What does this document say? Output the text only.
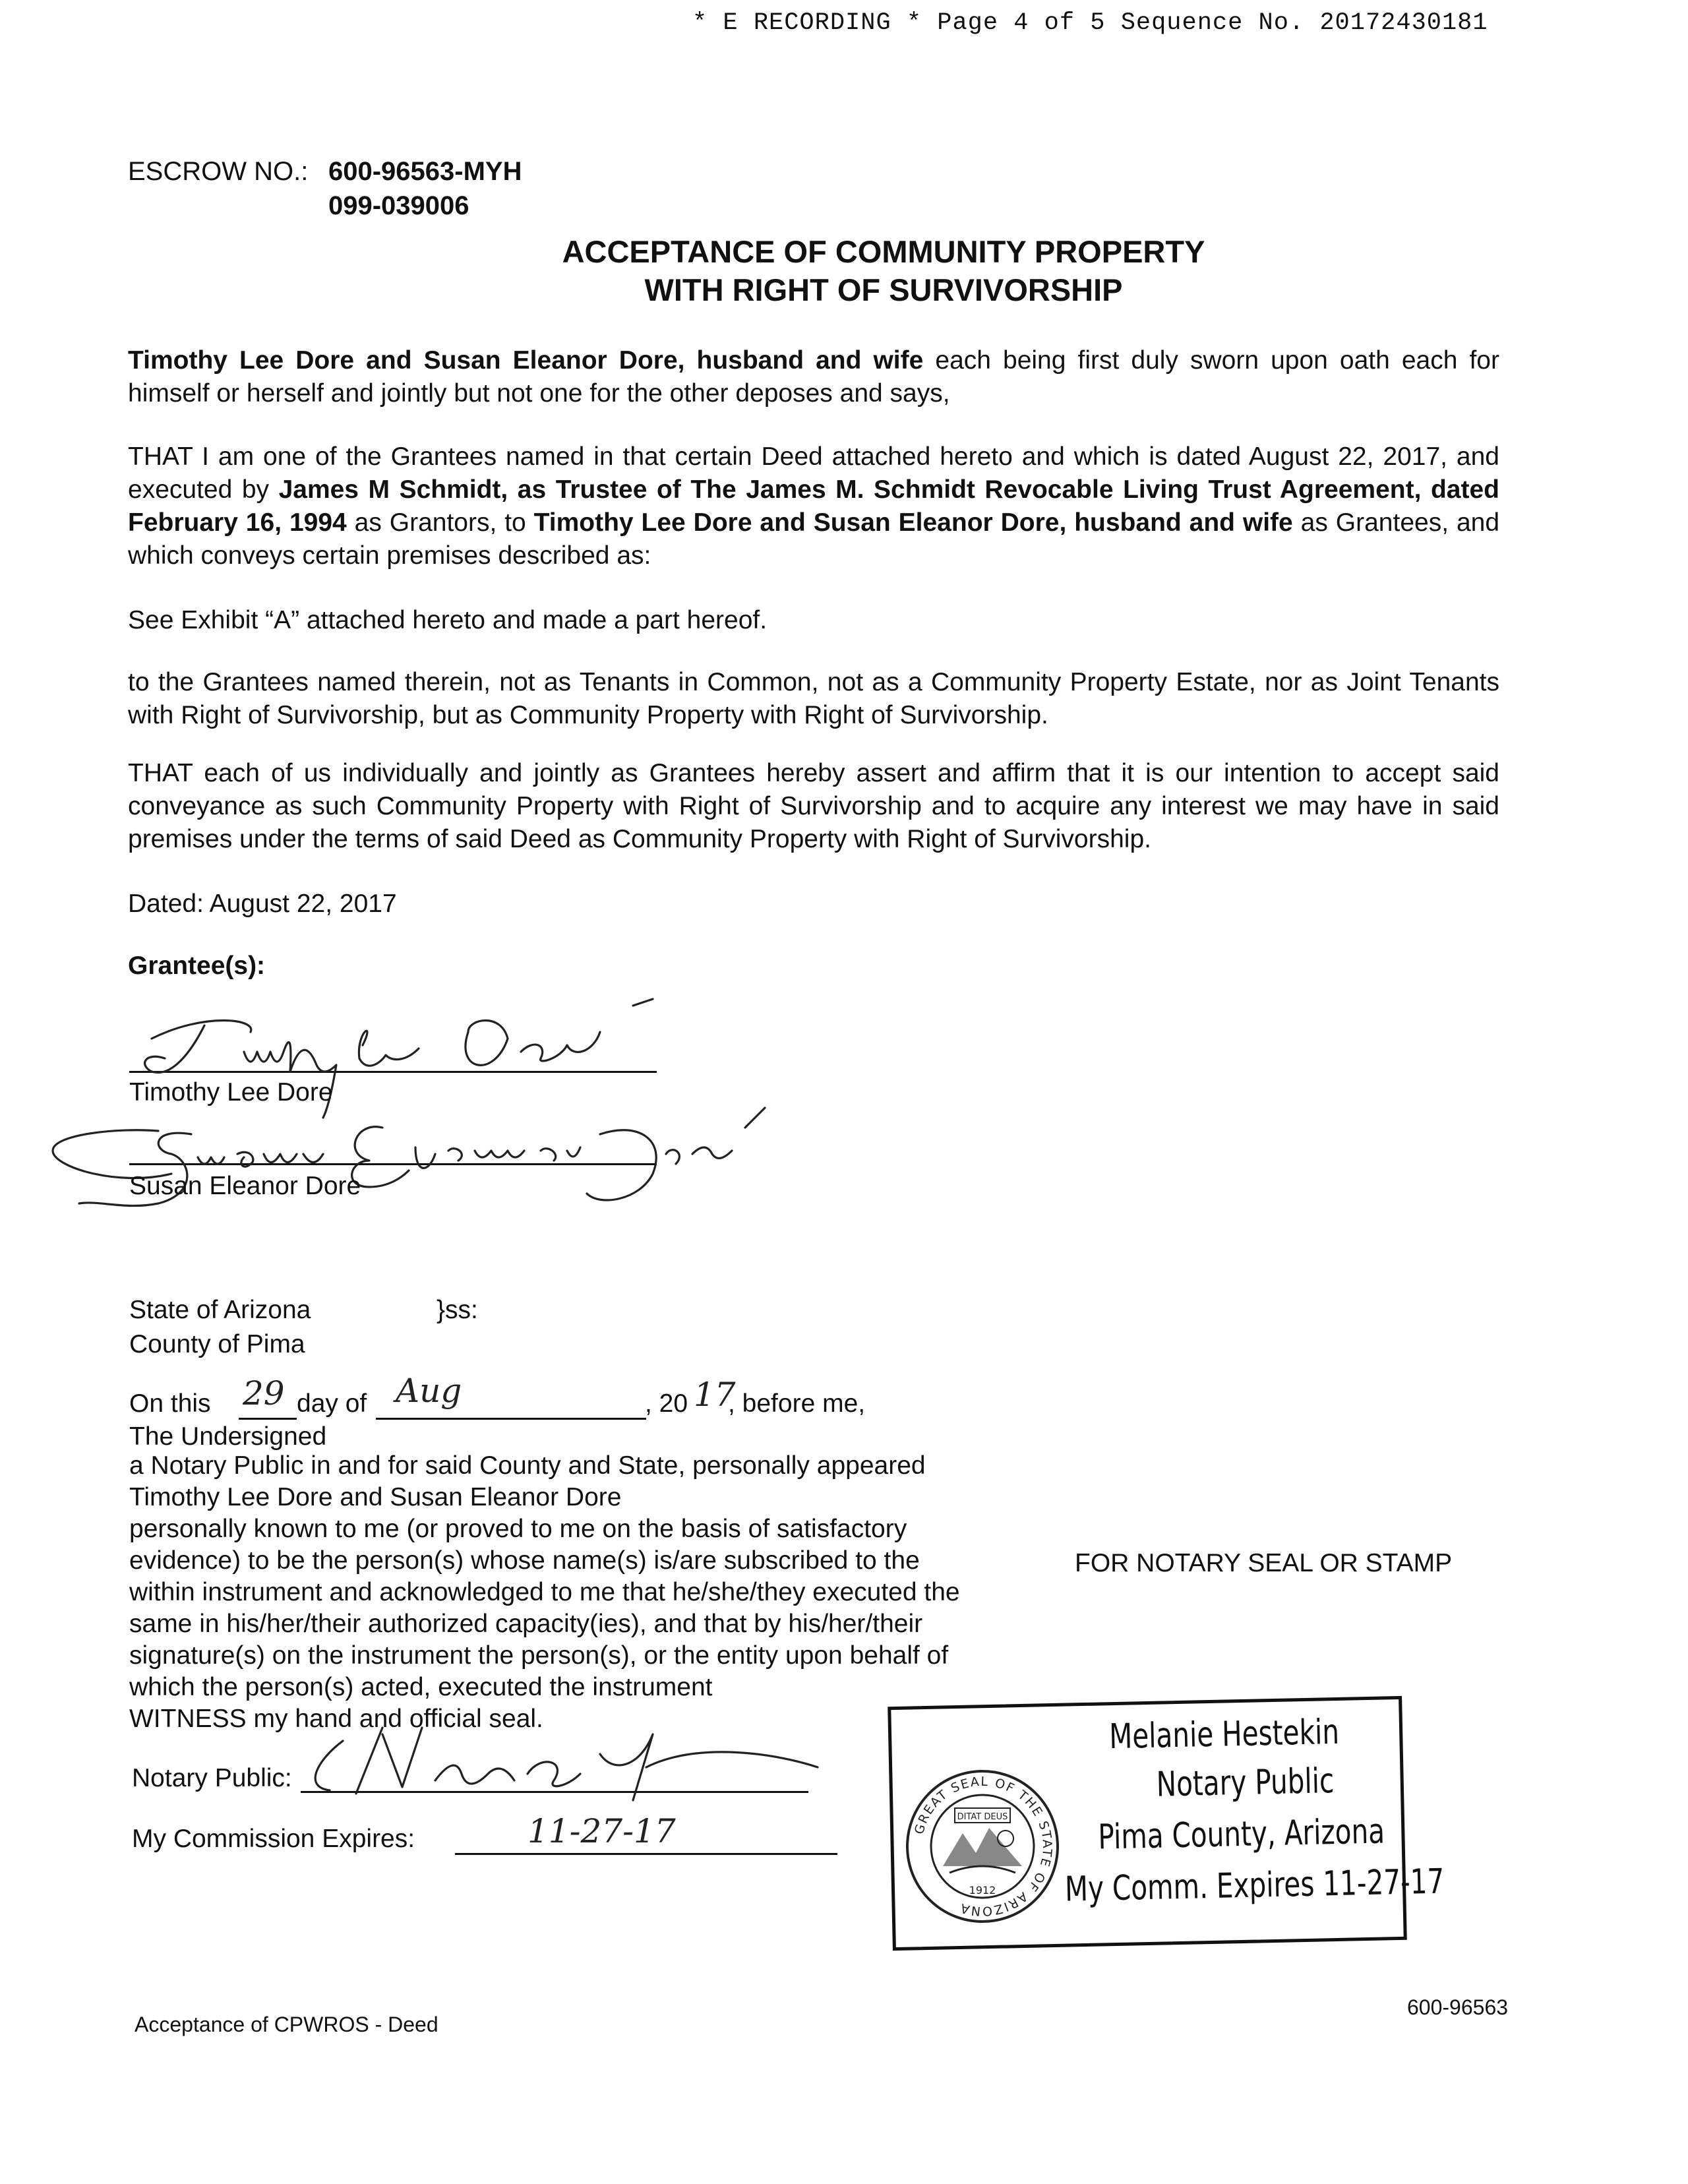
* E RECORDING * Page 4 of 5 Sequence No. 20172430181
ESCROW NO.: 600-96563-MYH
099-039006
ACCEPTANCE OF COMMUNITY PROPERTY
WITH RIGHT OF SURVIVORSHIP
Timothy Lee Dore and Susan Eleanor Dore, husband and wife each being first duly sworn upon oath each for himself or herself and jointly but not one for the other deposes and says,
THAT I am one of the Grantees named in that certain Deed attached hereto and which is dated August 22, 2017, and executed by James M Schmidt, as Trustee of The James M. Schmidt Revocable Living Trust Agreement, dated February 16, 1994 as Grantors, to Timothy Lee Dore and Susan Eleanor Dore, husband and wife as Grantees, and which conveys certain premises described as:
See Exhibit “A” attached hereto and made a part hereof.
to the Grantees named therein, not as Tenants in Common, not as a Community Property Estate, nor as Joint Tenants with Right of Survivorship, but as Community Property with Right of Survivorship.
THAT each of us individually and jointly as Grantees hereby assert and affirm that it is our intention to accept said conveyance as such Community Property with Right of Survivorship and to acquire any interest we may have in said premises under the terms of said Deed as Community Property with Right of Survivorship.
Dated: August 22, 2017
Grantee(s):
Timothy Lee Dore
Susan Eleanor Dore
State of Arizona	}ss:
County of Pima
On this 29 day of Aug	, 20 17
, before me,
The Undersigned
a Notary Public in and for said County and State, personally appeared
Timothy Lee Dore and Susan Eleanor Dore
personally known to me (or proved to me on the basis of satisfactory
evidence) to be the person(s) whose name(s) is/are subscribed to the
within instrument and acknowledged to me that he/she/they executed the
same in his/her/their authorized capacity(ies), and that by his/her/their
signature(s) on the instrument the person(s), or the entity upon behalf of
which the person(s) acted, executed the instrument
WITNESS my hand and official seal.
FOR NOTARY SEAL OR STAMP
Notary Public:
My Commission Expires:	11-27-17
Melanie Hestekin
Notary Public
Pima County, Arizona
My Comm. Expires 11-27-17
GREAT SEAL OF THE STATE OF ARIZONA
DITAT DEUS
1912
Acceptance of CPWROS - Deed
600-96563
